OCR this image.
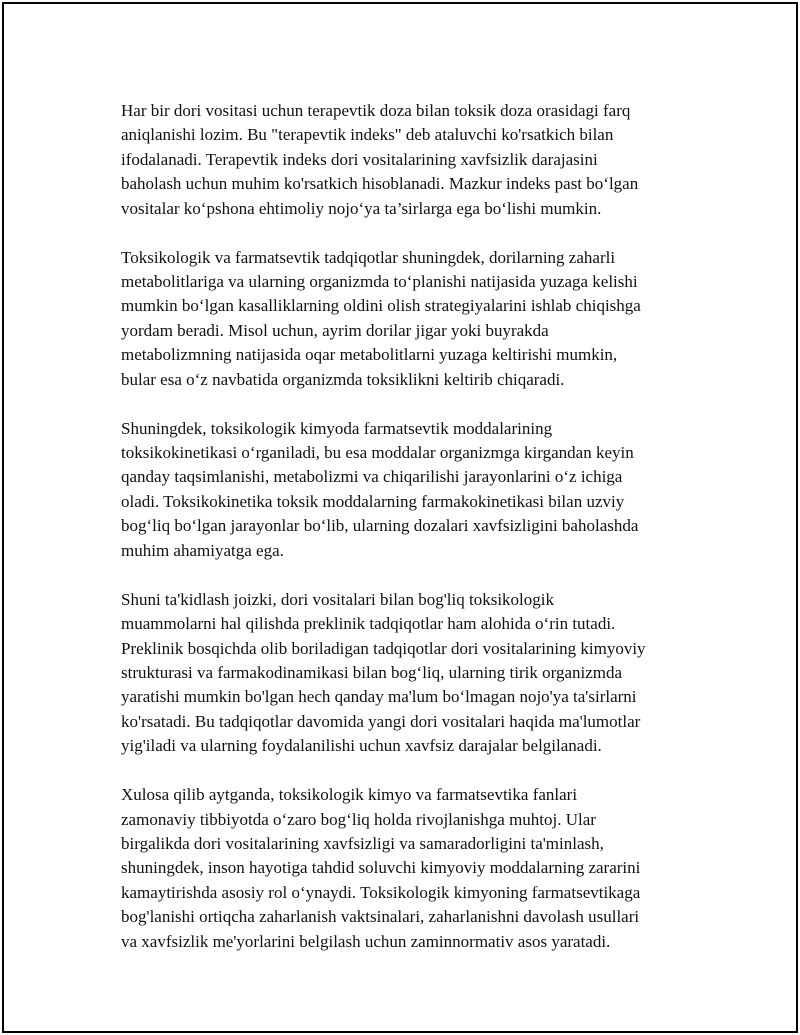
Har bir dori vositasi uchun terapevtik doza bilan toksik doza orasidagi farq
aniqlanishi lozim. Bu "terapevtik indeks" deb ataluvchi ko'rsatkich bilan
ifodalanadi. Terapevtik indeks dori vositalarining xavfsizlik darajasini
baholash uchun muhim ko'rsatkich hisoblanadi. Mazkur indeks past bo‘lgan
vositalar ko‘pshona ehtimoliy nojo‘ya ta’sirlarga ega bo‘lishi mumkin.

Toksikologik va farmatsevtik tadqiqotlar shuningdek, dorilarning zaharli
metabolitlariga va ularning organizmda to‘planishi natijasida yuzaga kelishi
mumkin bo‘lgan kasalliklarning oldini olish strategiyalarini ishlab chiqishga
yordam beradi. Misol uchun, ayrim dorilar jigar yoki buyrakda
metabolizmning natijasida oqar metabolitlarni yuzaga keltirishi mumkin,
bular esa o‘z navbatida organizmda toksiklikni keltirib chiqaradi.

Shuningdek, toksikologik kimyoda farmatsevtik moddalarining
toksikokinetikasi o‘rganiladi, bu esa moddalar organizmga kirgandan keyin
qanday taqsimlanishi, metabolizmi va chiqarilishi jarayonlarini o‘z ichiga
oladi. Toksikokinetika toksik moddalarning farmakokinetikasi bilan uzviy
bog‘liq bo‘lgan jarayonlar bo‘lib, ularning dozalari xavfsizligini baholashda
muhim ahamiyatga ega.

Shuni ta'kidlash joizki, dori vositalari bilan bog'liq toksikologik
muammolarni hal qilishda preklinik tadqiqotlar ham alohida o‘rin tutadi.
Preklinik bosqichda olib boriladigan tadqiqotlar dori vositalarining kimyoviy
strukturasi va farmakodinamikasi bilan bog‘liq, ularning tirik organizmda
yaratishi mumkin bo'lgan hech qanday ma'lum bo‘lmagan nojo'ya ta'sirlarni
ko'rsatadi. Bu tadqiqotlar davomida yangi dori vositalari haqida ma'lumotlar
yig'iladi va ularning foydalanilishi uchun xavfsiz darajalar belgilanadi.

Xulosa qilib aytganda, toksikologik kimyo va farmatsevtika fanlari
zamonaviy tibbiyotda o‘zaro bog‘liq holda rivojlanishga muhtoj. Ular
birgalikda dori vositalarining xavfsizligi va samaradorligini ta'minlash,
shuningdek, inson hayotiga tahdid soluvchi kimyoviy moddalarning zararini
kamaytirishda asosiy rol o‘ynaydi. Toksikologik kimyoning farmatsevtikaga
bog'lanishi ortiqcha zaharlanish vaktsinalari, zaharlanishni davolash usullari
va xavfsizlik me'yorlarini belgilash uchun zaminnormativ asos yaratadi.
